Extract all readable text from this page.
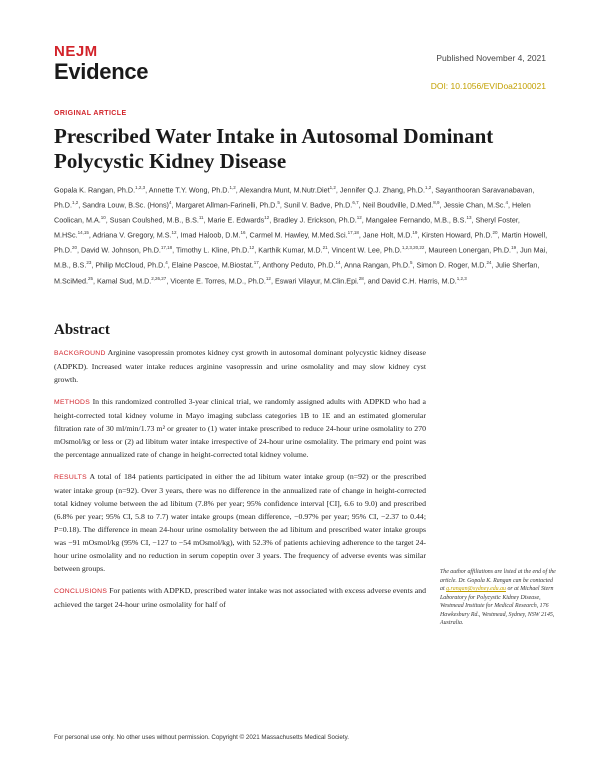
NEJM
Evidence
Published November 4, 2021
DOI: 10.1056/EVIDoa2100021
ORIGINAL ARTICLE
Prescribed Water Intake in Autosomal Dominant Polycystic Kidney Disease
Gopala K. Rangan, Ph.D.$^{1,2,3}$, Annette T.Y. Wong, Ph.D.$^{1,2}$, Alexandra Munt, M.Nutr.Diet$^{1,2}$, Jennifer Q.J. Zhang, Ph.D.$^{1,2}$, Sayanthooran Saravanabavan, Ph.D.$^{1,2}$, Sandra Louw, B.Sc. (Hons)$^4$, Margaret Allman-Farinelli, Ph.D.$^5$, Sunil V. Badve, Ph.D.$^{6,7}$, Neil Boudville, D.Med.$^{8,9}$, Jessie Chan, M.Sc.$^4$, Helen Coolican, M.A.$^{10}$, Susan Coulshed, M.B., B.S.$^{11}$, Marie E. Edwards$^{12}$, Bradley J. Erickson, Ph.D.$^{12}$, Mangalee Fernando, M.B., B.S.$^{13}$, Sheryl Foster, M.HSc.$^{14,15}$, Adriana V. Gregory, M.S.$^{12}$, Imad Haloob, D.M.$^{16}$, Carmel M. Hawley, M.Med.Sci.$^{17,18}$, Jane Holt, M.D.$^{19}$, Kirsten Howard, Ph.D.$^{20}$, Martin Howell, Ph.D.$^{20}$, David W. Johnson, Ph.D.$^{17,18}$, Timothy L. Kline, Ph.D.$^{12}$, Karthik Kumar, M.D.$^{21}$, Vincent W. Lee, Ph.D.$^{1,2,3,20,22}$, Maureen Lonergan, Ph.D.$^{19}$, Jun Mai, M.B., B.S.$^{23}$, Philip McCloud, Ph.D.$^4$, Elaine Pascoe, M.Biostat.$^{17}$, Anthony Peduto, Ph.D.$^{14}$, Anna Rangan, Ph.D.$^5$, Simon D. Roger, M.D.$^{24}$, Julie Sherfan, M.SciMed.$^{25}$, Kamal Sud, M.D.$^{2,26,27}$, Vicente E. Torres, M.D., Ph.D.$^{12}$, Eswari Vilayur, M.Clin.Epi.$^{28}$, and David C.H. Harris, M.D.$^{1,2,3}$
Abstract

BACKGROUND Arginine vasopressin promotes kidney cyst growth in autosomal dominant polycystic kidney disease (ADPKD). Increased water intake reduces arginine vasopressin and urine osmolality and may slow kidney cyst growth.

METHODS In this randomized controlled 3-year clinical trial, we randomly assigned adults with ADPKD who had a height-corrected total kidney volume in Mayo imaging subclass categories 1B to 1E and an estimated glomerular filtration rate of 30 ml/min/1.73 m² or greater to (1) water intake prescribed to reduce 24-hour urine osmolality to 270 mOsmol/kg or less or (2) ad libitum water intake irrespective of 24-hour urine osmolality. The primary end point was the percentage annualized rate of change in height-corrected total kidney volume.

RESULTS A total of 184 patients participated in either the ad libitum water intake group (n=92) or the prescribed water intake group (n=92). Over 3 years, there was no difference in the annualized rate of change in height-corrected total kidney volume between the ad libitum (7.8% per year; 95% confidence interval [CI], 6.6 to 9.0) and prescribed (6.8% per year; 95% CI, 5.8 to 7.7) water intake groups (mean difference, −0.97% per year; 95% CI, −2.37 to 0.44; P=0.18). The difference in mean 24-hour urine osmolality between the ad libitum and prescribed water intake groups was −91 mOsmol/kg (95% CI, −127 to −54 mOsmol/kg), with 52.3% of patients achieving adherence to the target 24-hour urine osmolality and no reduction in serum copeptin over 3 years. The frequency of adverse events was similar between groups.

CONCLUSIONS For patients with ADPKD, prescribed water intake was not associated with excess adverse events and achieved the target 24-hour urine osmolality for half of

The author affiliations are listed at the end of the article. Dr. Gopala K. Rangan can be contacted at g.rangan@sydney.edu.au or at Michael Stern Laboratory for Polycystic Kidney Disease, Westmead Institute for Medical Research, 176 Hawkesbury Rd., Westmead, Sydney, NSW 2145, Australia.
For personal use only. No other uses without permission. Copyright © 2021 Massachusetts Medical Society.
